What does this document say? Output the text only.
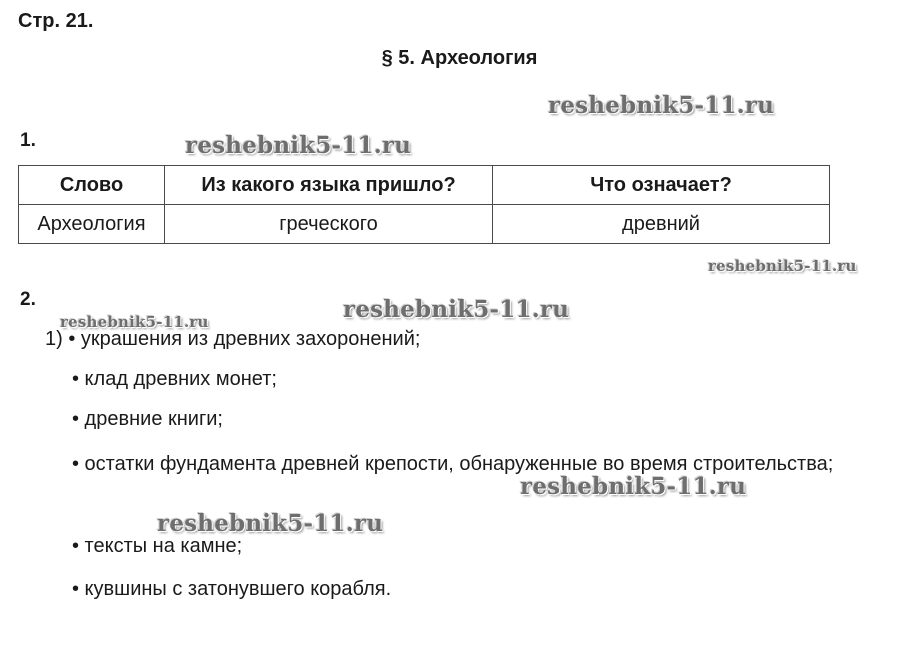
Стр. 21.
§ 5. Археология
reshebnik5-11.ru
1.	reshebnik5-11.ru
Слово	Из какого языка пришло?	Что означает?
Археология	греческого	древний
reshebnik5-11.ru
2.	reshebnik5-11.ru
reshebnik5-11.ru
1) • украшения из древних захоронений;
• клад древних монет;
• древние книги;
• остатки фундамента древней крепости, обнаруженные во время строительства;
reshebnik5-11.ru
reshebnik5-11.ru
• тексты на камне;
• кувшины с затонувшего корабля.
